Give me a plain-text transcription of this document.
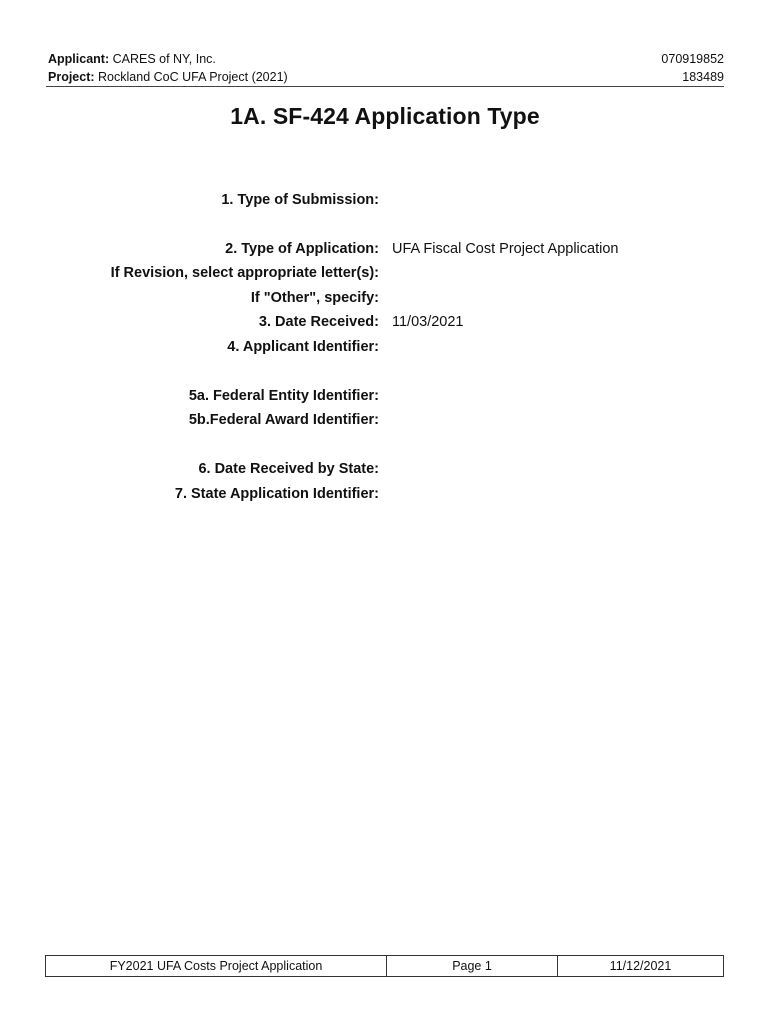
Applicant: CARES of NY, Inc.	070919852
Project: Rockland CoC UFA Project (2021)	183489
1A. SF-424 Application Type
1. Type of Submission:
2. Type of Application: UFA Fiscal Cost Project Application
If Revision, select appropriate letter(s):
If "Other", specify:
3. Date Received: 11/03/2021
4. Applicant Identifier:
5a. Federal Entity Identifier:
5b.Federal Award Identifier:
6. Date Received by State:
7. State Application Identifier:
FY2021 UFA Costs Project Application	Page 1	11/12/2021
